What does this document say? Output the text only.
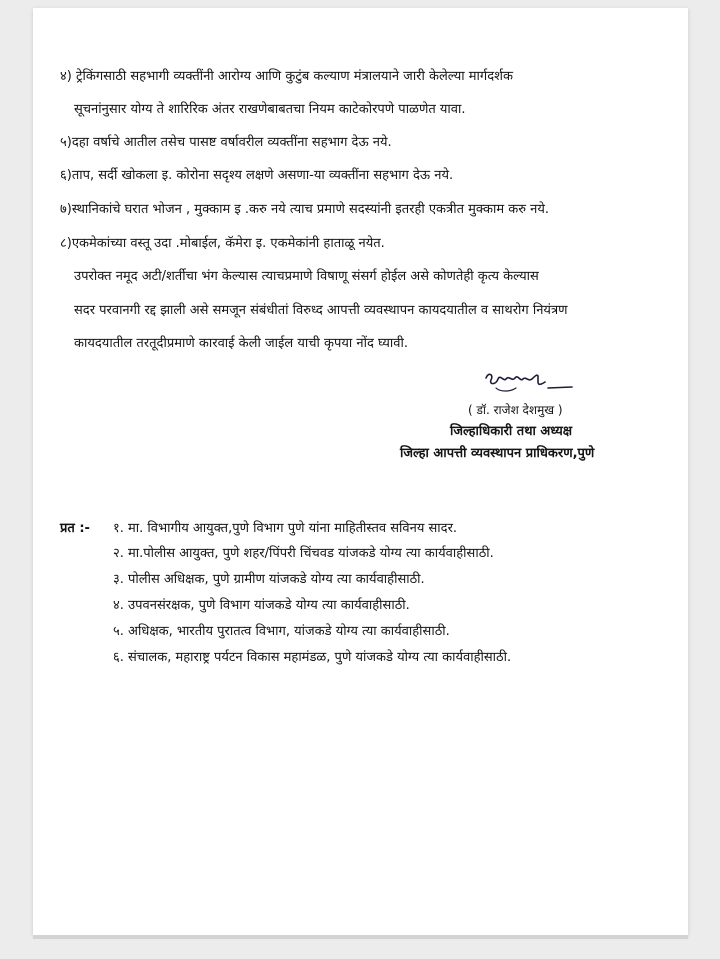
४) ट्रेकिंगसाठी सहभागी व्यक्तींनी आरोग्य आणि कुटुंब कल्याण मंत्रालयाने जारी केलेल्या मार्गदर्शक
सूचनांनुसार योग्य ते शारिरिक अंतर राखणेबाबतचा नियम काटेकोरपणे पाळणेत यावा.
५)दहा वर्षाचे आतील तसेच पासष्ट वर्षावरील व्यक्तींना सहभाग देऊ नये.
६)ताप, सर्दी खोकला इ. कोरोना सदृश्य लक्षणे असणा-या व्यक्तींना सहभाग देऊ नये.
७)स्थानिकांचे घरात भोजन , मुक्काम इ .करु नये त्याच प्रमाणे सदस्यांनी इतरही एकत्रीत मुक्काम करु नये.
८)एकमेकांच्या वस्तू उदा .मोबाईल, कॅमेरा इ. एकमेकांनी हाताळू नयेत.
उपरोक्त नमूद अटी/शर्तीचा भंग केल्यास त्याचप्रमाणे विषाणू संसर्ग होईल असे कोणतेही कृत्य केल्यास
सदर परवानगी रद्द झाली असे समजून संबंधीतां विरुध्द आपत्ती व्यवस्थापन कायदयातील व साथरोग नियंत्रण
कायदयातील तरतूदीप्रमाणे कारवाई केली जाईल याची कृपया नोंद घ्यावी.
( डॉ. राजेश देशमुख )
जिल्हाधिकारी तथा अध्यक्ष
जिल्हा आपत्ती व्यवस्थापन प्राधिकरण,पुणे
प्रत :- १. मा. विभागीय आयुक्त,पुणे विभाग पुणे यांना माहितीस्तव सविनय सादर.
२. मा.पोलीस आयुक्त, पुणे शहर/पिंपरी चिंचवड यांजकडे योग्य त्या कार्यवाहीसाठी.
३. पोलीस अधिक्षक, पुणे ग्रामीण यांजकडे योग्य त्या कार्यवाहीसाठी.
४. उपवनसंरक्षक, पुणे विभाग यांजकडे योग्य त्या कार्यवाहीसाठी.
५. अधिक्षक, भारतीय पुरातत्व विभाग, यांजकडे योग्य त्या कार्यवाहीसाठी.
६. संचालक, महाराष्ट्र पर्यटन विकास महामंडळ, पुणे यांजकडे योग्य त्या कार्यवाहीसाठी.
